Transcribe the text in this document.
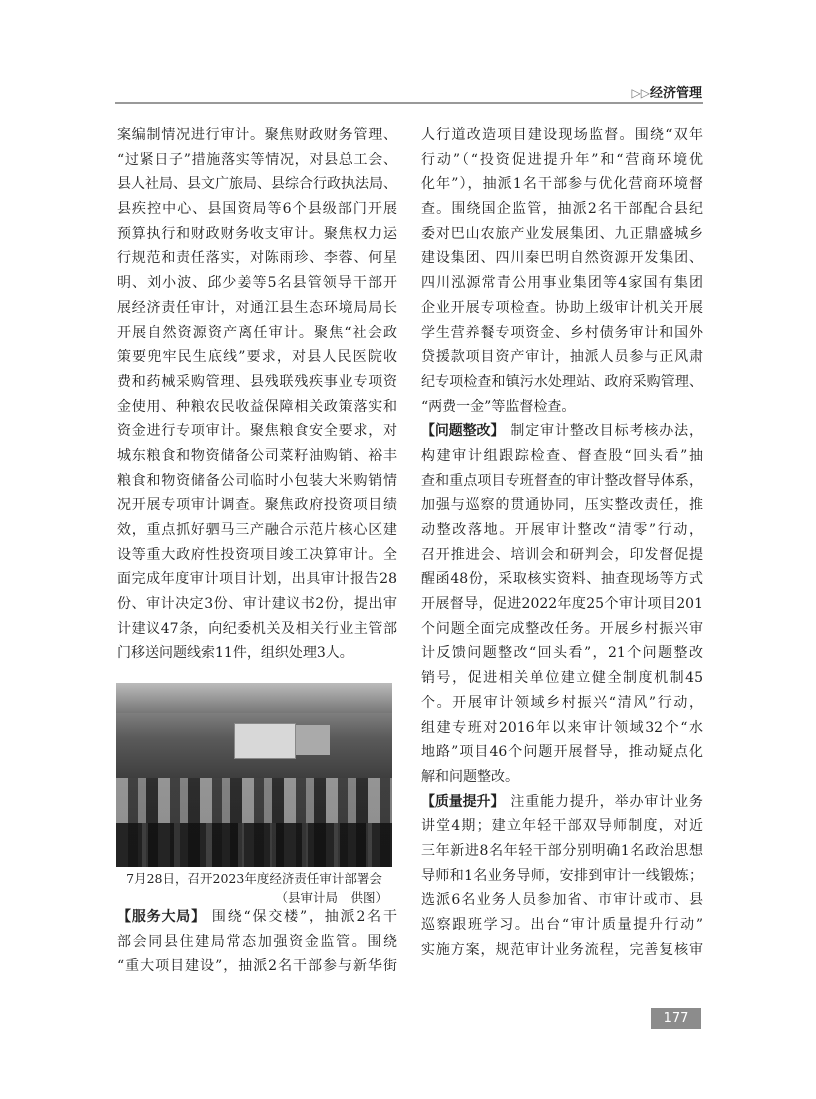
▷▷经济管理
案编制情况进行审计。聚焦财政财务管理、
“过紧日子”措施落实等情况，对县总工会、
县人社局、县文广旅局、县综合行政执法局、
县疾控中心、县国资局等6个县级部门开展
预算执行和财政财务收支审计。聚焦权力运
行规范和责任落实，对陈雨珍、李蓉、何星
明、刘小波、邱少姜等5名县管领导干部开
展经济责任审计，对通江县生态环境局局长
开展自然资源资产离任审计。聚焦“社会政
策要兜牢民生底线”要求，对县人民医院收
费和药械采购管理、县残联残疾事业专项资
金使用、种粮农民收益保障相关政策落实和
资金进行专项审计。聚焦粮食安全要求，对
城东粮食和物资储备公司菜籽油购销、裕丰
粮食和物资储备公司临时小包装大米购销情
况开展专项审计调查。聚焦政府投资项目绩
效，重点抓好驷马三产融合示范片核心区建
设等重大政府性投资项目竣工决算审计。全
面完成年度审计项目计划，出具审计报告28
份、审计决定3份、审计建议书2份，提出审
计建议47条，向纪委机关及相关行业主管部
门移送问题线索11件，组织处理3人。
7月28日，召开2023年度经济责任审计部署会
（县审计局　供图）
【服务大局】 围绕“保交楼”，抽派2名干
部会同县住建局常态加强资金监管。围绕
“重大项目建设”，抽派2名干部参与新华街
人行道改造项目建设现场监督。围绕“双年
行动”（“投资促进提升年”和“营商环境优
化年”），抽派1名干部参与优化营商环境督
查。围绕国企监管，抽派2名干部配合县纪
委对巴山农旅产业发展集团、九正鼎盛城乡
建设集团、四川秦巴明自然资源开发集团、
四川泓源常青公用事业集团等4家国有集团
企业开展专项检查。协助上级审计机关开展
学生营养餐专项资金、乡村债务审计和国外
贷援款项目资产审计，抽派人员参与正风肃
纪专项检查和镇污水处理站、政府采购管理、
“两费一金”等监督检查。
【问题整改】 制定审计整改目标考核办法，
构建审计组跟踪检查、督查股“回头看”抽
查和重点项目专班督查的审计整改督导体系，
加强与巡察的贯通协同，压实整改责任，推
动整改落地。开展审计整改“清零”行动，
召开推进会、培训会和研判会，印发督促提
醒函48份，采取核实资料、抽查现场等方式
开展督导，促进2022年度25个审计项目201
个问题全面完成整改任务。开展乡村振兴审
计反馈问题整改“回头看”，21个问题整改
销号，促进相关单位建立健全制度机制45
个。开展审计领域乡村振兴“清风”行动，
组建专班对2016年以来审计领域32个“水
地路”项目46个问题开展督导，推动疑点化
解和问题整改。
【质量提升】 注重能力提升，举办审计业务
讲堂4期；建立年轻干部双导师制度，对近
三年新进8名年轻干部分别明确1名政治思想
导师和1名业务导师，安排到审计一线锻炼；
选派6名业务人员参加省、市审计或市、县
巡察跟班学习。出台“审计质量提升行动”
实施方案，规范审计业务流程，完善复核审
177
